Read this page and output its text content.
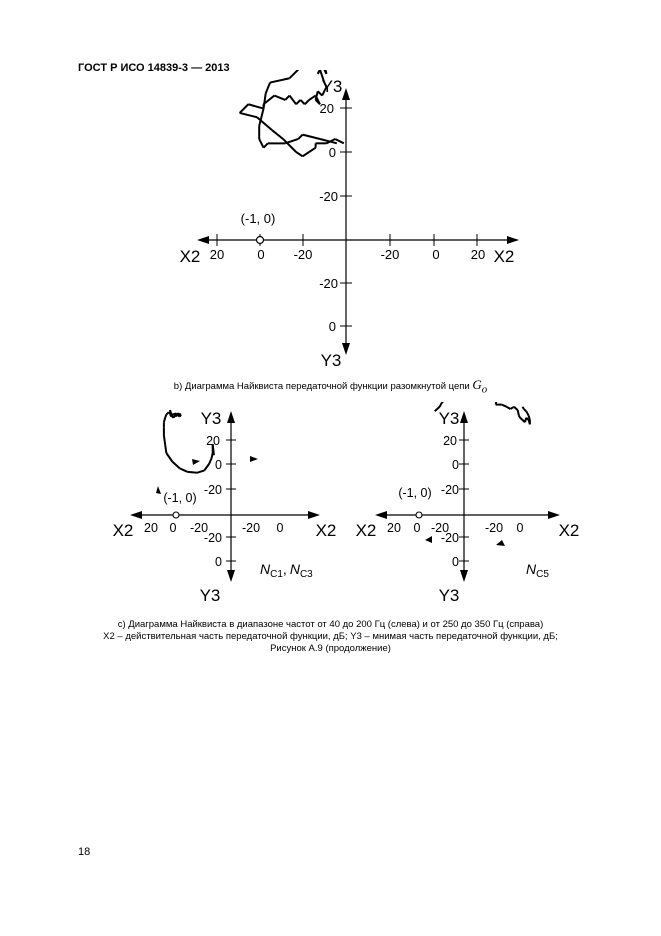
ГОСТ Р ИСО 14839-3 — 2013
Y3
Y3
X2	X2
20
0
-20
-20
0
20	0 -20	-20	0 20
(-1, 0)
b) Диаграмма Найквиста передаточной функции разомкнутой цепи $G_o$
Y3
Y3
X2	X2
20
0
-20
-20
0
20 0 -20	-20 0
(-1, 0)
$N_{C1}$, $N_{C3}$
Y3
Y3
X2	X2
20
0
-20
-20
0
20 0 -20	-20 0
(-1, 0)
$N_{C5}$
c) Диаграмма Найквиста в диапазоне частот от 40 до 200 Гц (слева) и от 250 до 350 Гц (справа)
X2 – действительная часть передаточной функции, дБ; Y3 – мнимая часть передаточной функции, дБ;
Рисунок А.9 (продолжение)
18
